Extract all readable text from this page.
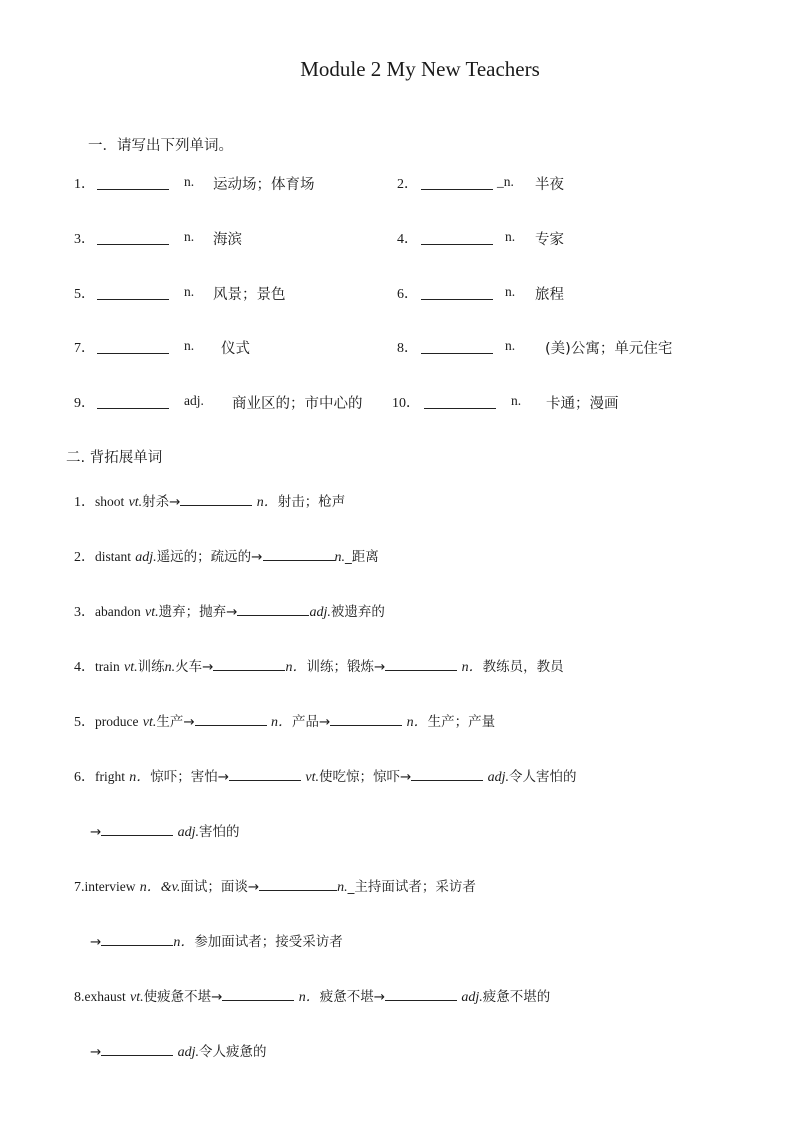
Module 2 My New Teachers
一．请写出下列单词。
1．	n. 运动场；体育场	2．	_n. 半夜
3．	n. 海滨	4．	n. 专家
5．	n. 风景；景色	6．	n. 旅程
7．	n. 仪式	8．	n. (美)公寓；单元住宅
9．	adj. 商业区的；市中心的 10．	n. 卡通；漫画
二. 背拓展单词
1．shoot vt.射杀→	n．射击；枪声
2．distant adj.遥远的；疏远的→	n._距离
3．abandon vt.遗弃；抛弃→	adj.被遗弃的
4．train vt.训练n.火车→	n．训练；锻炼→	n．教练员，教员
5．produce vt.生产→	n．产品→	n．生产；产量
6．fright n．惊吓；害怕→	vt.使吃惊；惊吓→	adj.令人害怕的
→	adj.害怕的
7.interview n．&v.面试；面谈→	n._主持面试者；采访者
→	n．参加面试者；接受采访者
8.exhaust vt.使疲惫不堪→	n．疲惫不堪→	adj.疲惫不堪的
→	adj.令人疲惫的
